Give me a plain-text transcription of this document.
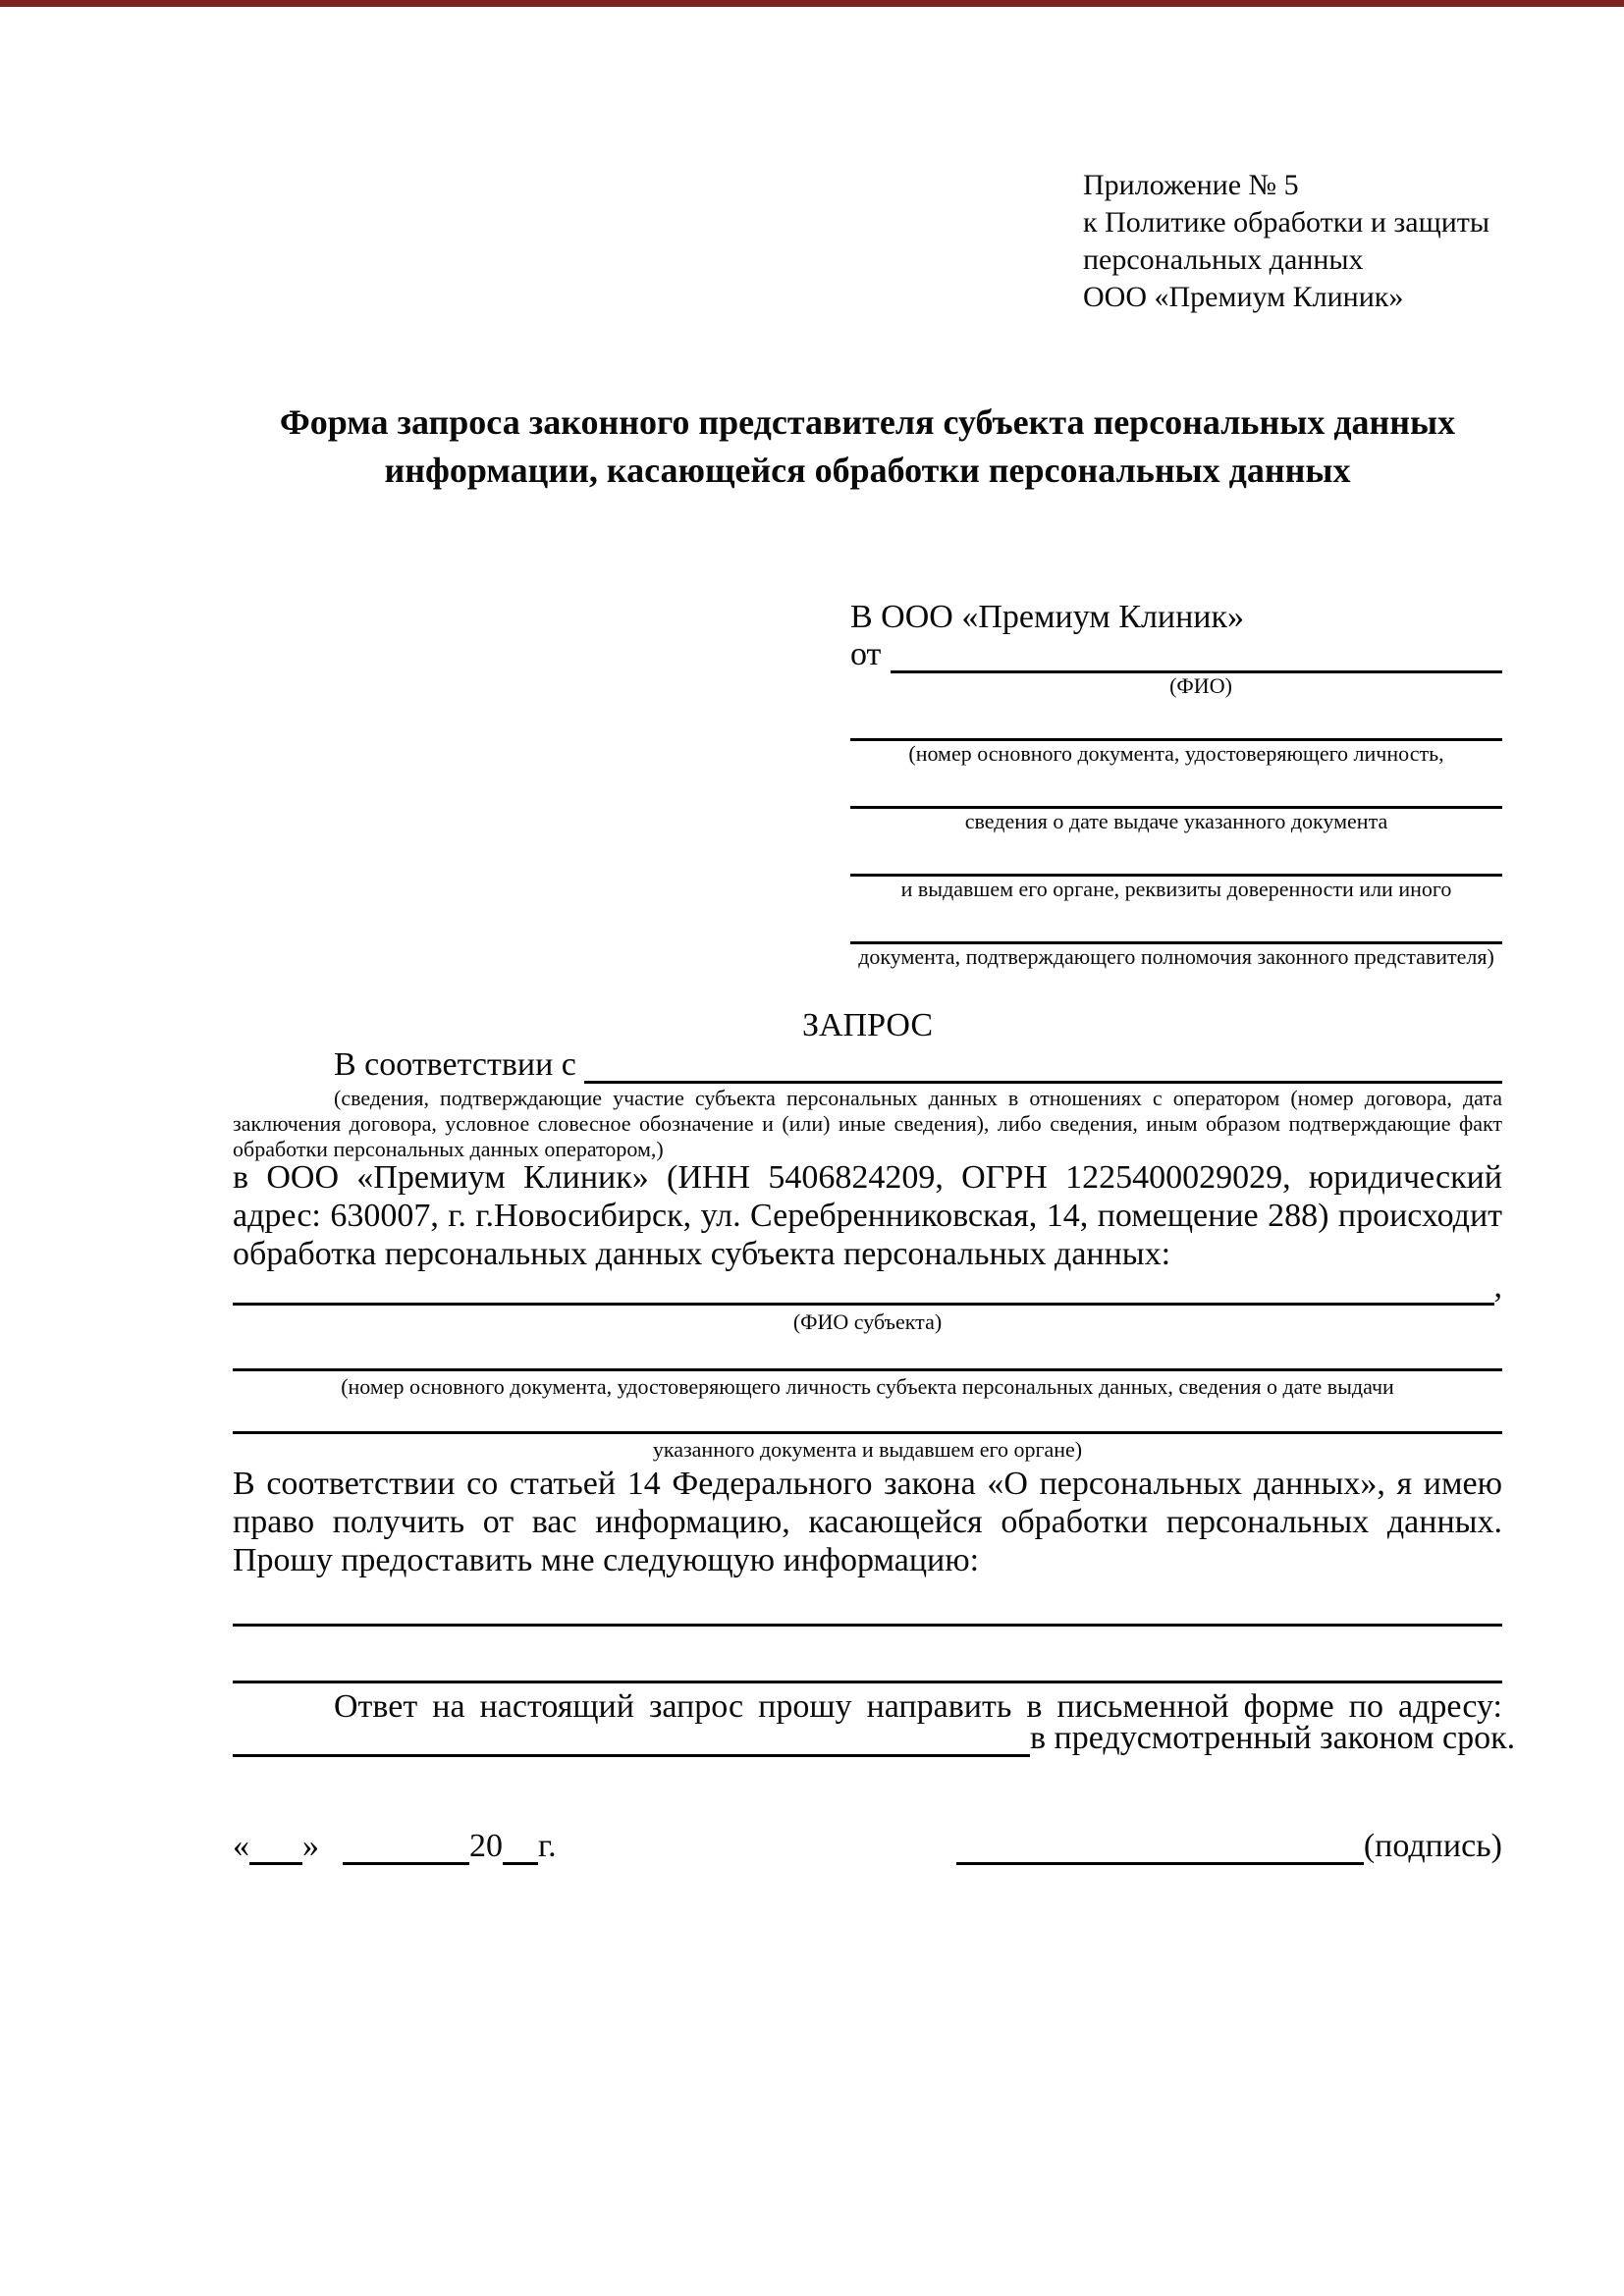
Приложение № 5
к Политике обработки и защиты
персональных данных
ООО «Премиум Клиник»
Форма запроса законного представителя субъекта персональных данных информации, касающейся обработки персональных данных
В ООО «Премиум Клиник»
от
(ФИО)
(номер основного документа, удостоверяющего личность,
сведения о дате выдаче указанного документа
и выдавшем его органе, реквизиты доверенности или иного
документа, подтверждающего полномочия законного представителя)
ЗАПРОС
В соответствии с
(сведения, подтверждающие участие субъекта персональных данных в отношениях с оператором (номер договора, дата заключения договора, условное словесное обозначение и (или) иные сведения), либо сведения, иным образом подтверждающие факт обработки персональных данных оператором,)
в ООО «Премиум Клиник» (ИНН 5406824209, ОГРН 1225400029029, юридический адрес: 630007, г. г.Новосибирск, ул. Серебренниковская, 14, помещение 288) происходит обработка персональных данных субъекта персональных данных:
,
(ФИО субъекта)
(номер основного документа, удостоверяющего личность субъекта персональных данных, сведения о дате выдачи
указанного документа и выдавшем его органе)
В соответствии со статьей 14 Федерального закона «О персональных данных», я имею право получить от вас информацию, касающейся обработки персональных данных. Прошу предоставить мне следующую информацию:
Ответ на настоящий запрос прошу направить в письменной форме по адресу:
в предусмотренный законом срок.
« »	20 г.	(подпись)
